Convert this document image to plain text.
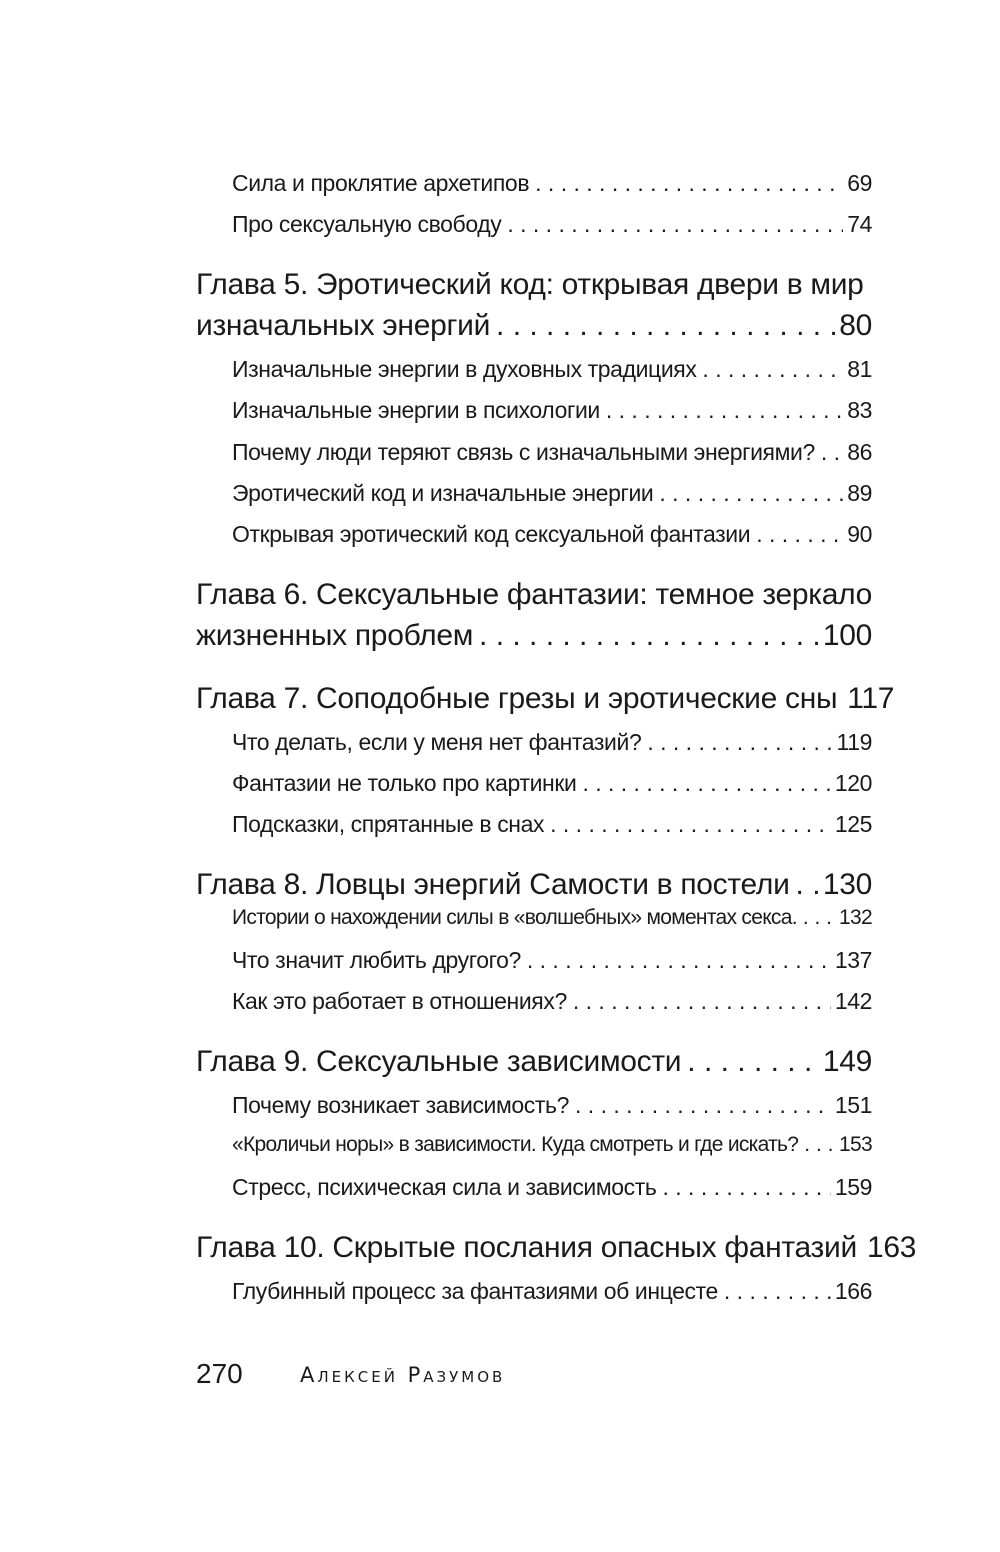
Сила и проклятие архетипов . . .	69
Про сексуальную свободу . . .	74
Глава 5. Эротический код: открывая двери в мир
изначальных энергий . . .	80
Изначальные энергии в духовных традициях . . .	81
Изначальные энергии в психологии . . .	83
Почему люди теряют связь с изначальными энергиями? . . . 86
Эротический код и изначальные энергии . . .	89
Открывая эротический код сексуальной фантазии . . .	90
Глава 6. Сексуальные фантазии: темное зеркало
жизненных проблем . . .	100
Глава 7. Соподобные грезы и эротические сны 117
Что делать, если у меня нет фантазий? . . .	119
Фантазии не только про картинки . . .	120
Подсказки, спрятанные в снах . . .	125
Глава 8. Ловцы энергий Самости в постели . . . 130
Истории о нахождении силы в «волшебных» моментах секса. . . . 132
Что значит любить другого? . . .	137
Как это работает в отношениях? . . .	142
Глава 9. Сексуальные зависимости . . .	149
Почему возникает зависимость? . . .	151
«Кроличьи норы» в зависимости. Куда смотреть и где искать? . . . 153
Стресс, психическая сила и зависимость . . .	159
Глава 10. Скрытые послания опасных фантазий 163
Глубинный процесс за фантазиями об инцесте . . .	166
270	Алексей Разумов
